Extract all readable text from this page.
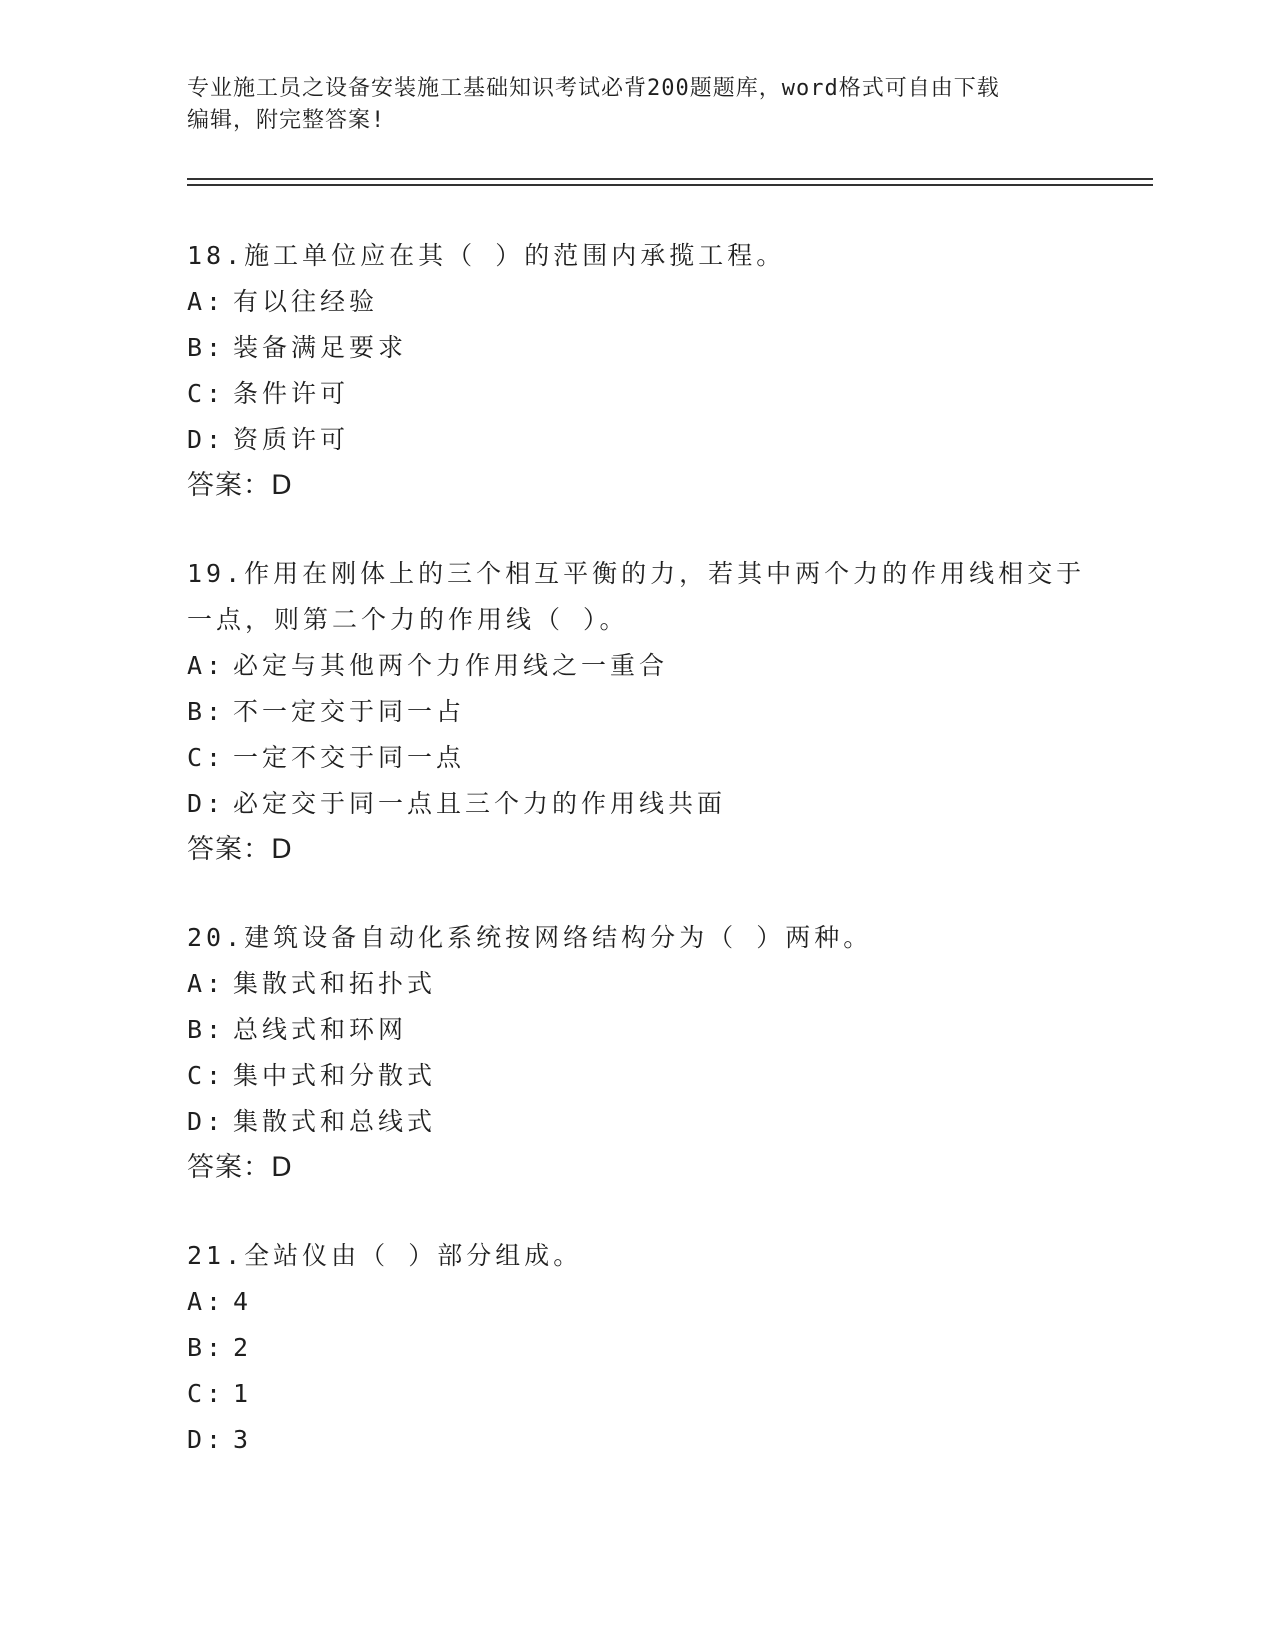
专业施工员之设备安装施工基础知识考试必背200题题库，word格式可自由下载
编辑，附完整答案!
18.施工单位应在其（ ）的范围内承揽工程。
A: 有以往经验
B: 装备满足要求
C: 条件许可
D: 资质许可
答案：D
19.作用在刚体上的三个相互平衡的力，若其中两个力的作用线相交于
一点，则第二个力的作用线（ ）。
A: 必定与其他两个力作用线之一重合
B: 不一定交于同一占
C: 一定不交于同一点
D: 必定交于同一点且三个力的作用线共面
答案：D
20.建筑设备自动化系统按网络结构分为（ ）两种。
A: 集散式和拓扑式
B: 总线式和环网
C: 集中式和分散式
D: 集散式和总线式
答案：D
21.全站仪由（ ）部分组成。
A: 4
B: 2
C: 1
D: 3
